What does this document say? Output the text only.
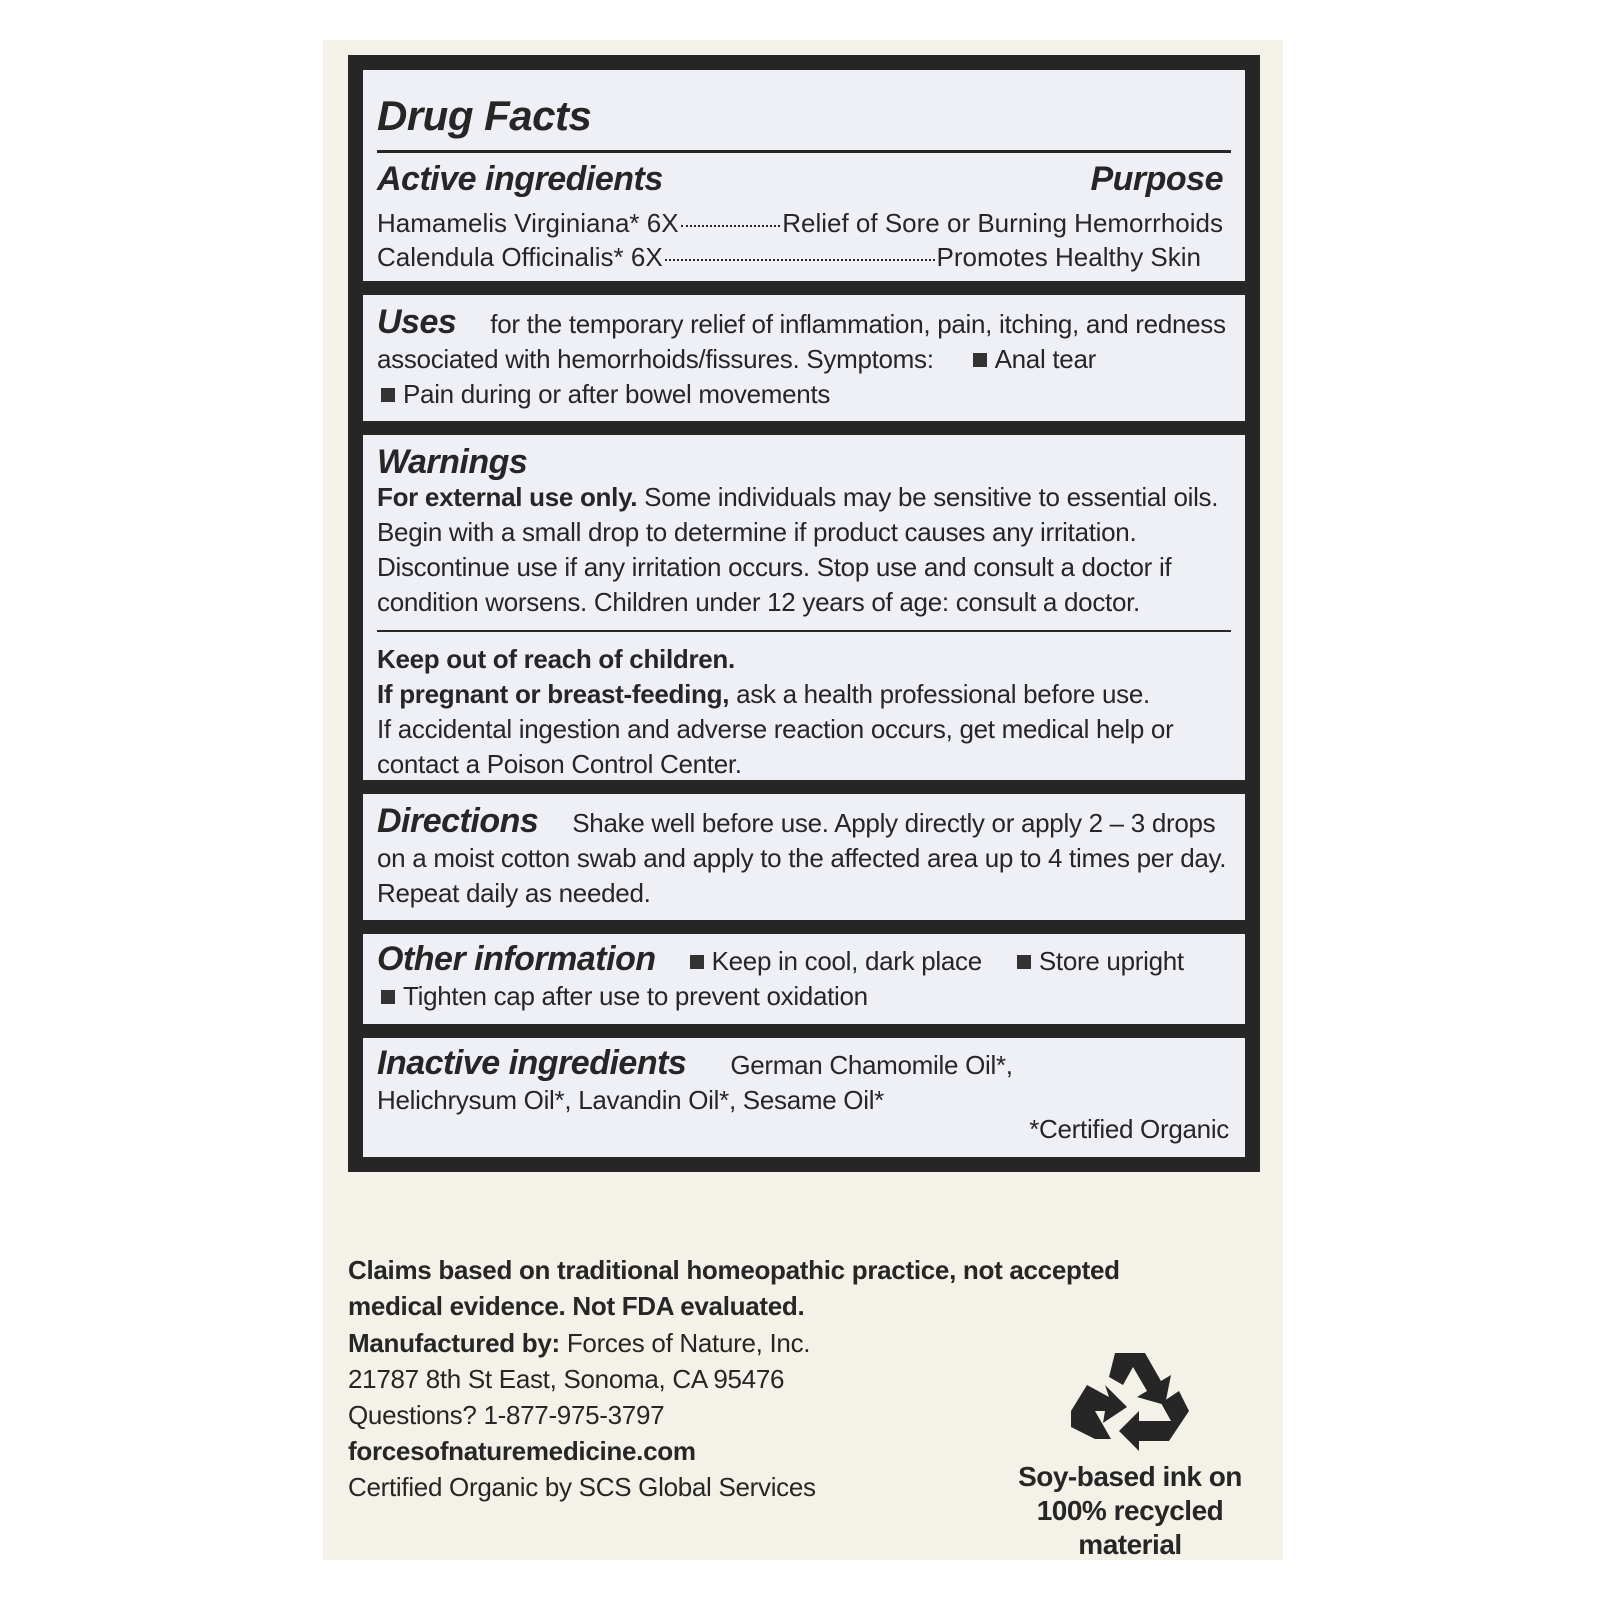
Drug Facts
Active ingredients	Purpose
Hamamelis Virginiana* 6X	Relief of Sore or Burning Hemorrhoids
Calendula Officinalis* 6X	Promotes Healthy Skin
Uses for the temporary relief of inflammation, pain, itching, and redness associated with hemorrhoids/fissures. Symptoms: Anal tear
Pain during or after bowel movements
Warnings
For external use only. Some individuals may be sensitive to essential oils. Begin with a small drop to determine if product causes any irritation. Discontinue use if any irritation occurs. Stop use and consult a doctor if condition worsens. Children under 12 years of age: consult a doctor.
Keep out of reach of children.
If pregnant or breast-feeding, ask a health professional before use.
If accidental ingestion and adverse reaction occurs, get medical help or contact a Poison Control Center.
Directions Shake well before use. Apply directly or apply 2 – 3 drops on a moist cotton swab and apply to the affected area up to 4 times per day. Repeat daily as needed.
Other information Keep in cool, dark place Store upright
Tighten cap after use to prevent oxidation
Inactive ingredients German Chamomile Oil*, Helichrysum Oil*, Lavandin Oil*, Sesame Oil*
*Certified Organic
Claims based on traditional homeopathic practice, not accepted medical evidence. Not FDA evaluated.
Manufactured by: Forces of Nature, Inc.
21787 8th St East, Sonoma, CA 95476
Questions? 1-877-975-3797
forcesofnaturemedicine.com
Certified Organic by SCS Global Services	Soy-based ink on
100% recycled material
